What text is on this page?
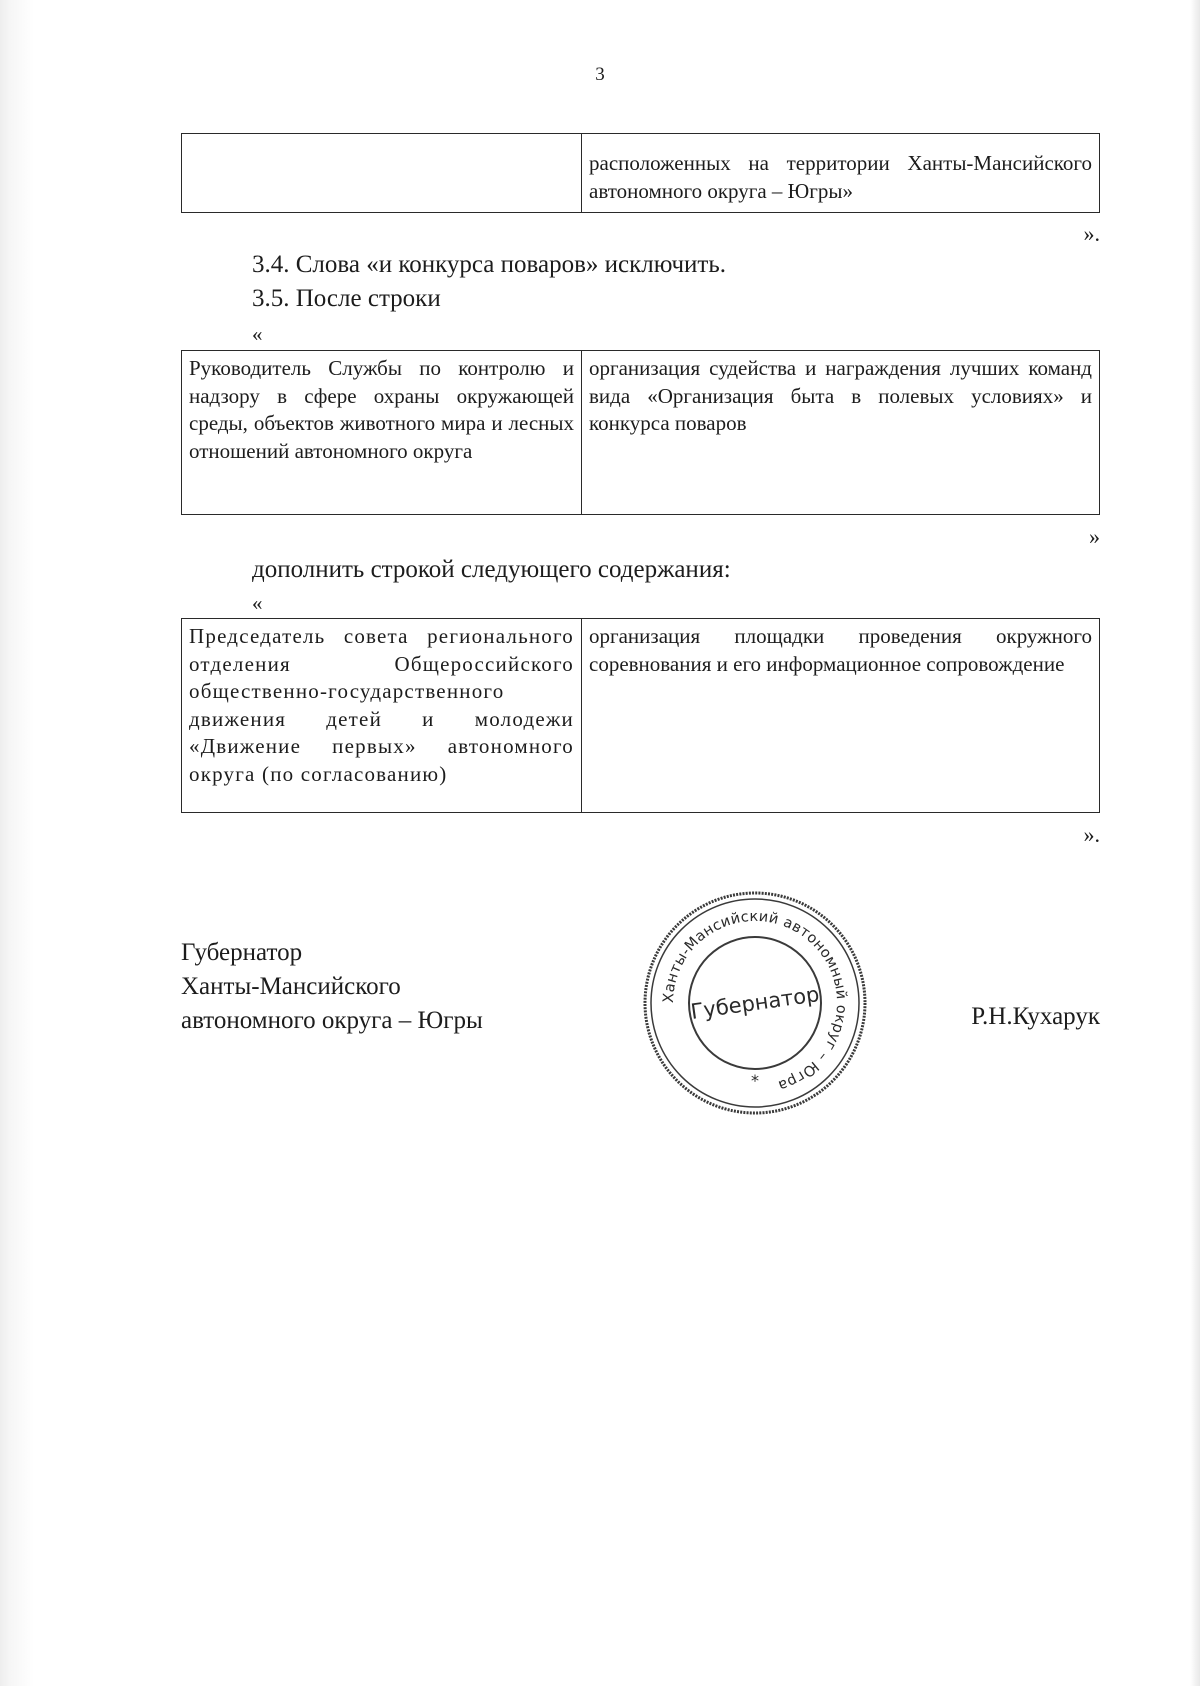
3
расположенных на территории Ханты-Мансийского автономного округа – Югры»
».
3.4. Слова «и конкурса поваров» исключить.
3.5. После строки
«
Руководитель Службы по контролю и надзору в сфере охраны окружающей среды, объектов животного мира и лесных отношений автономного округа
организация судейства и награждения лучших команд вида «Организация быта в полевых условиях» и конкурса поваров
»
дополнить строкой следующего содержания:
«
Председатель совета регионального отделения Общероссийского общественно-государственного движения детей и молодежи «Движение первых» автономного округа (по согласованию)
организация площадки проведения окружного соревнования и его информационное сопровождение
».
Губернатор
Ханты-Мансийского
автономного округа – Югры
Ханты-Мансийский автономный округ – Югра
Губернатор
*
Р.Н.Кухарук
